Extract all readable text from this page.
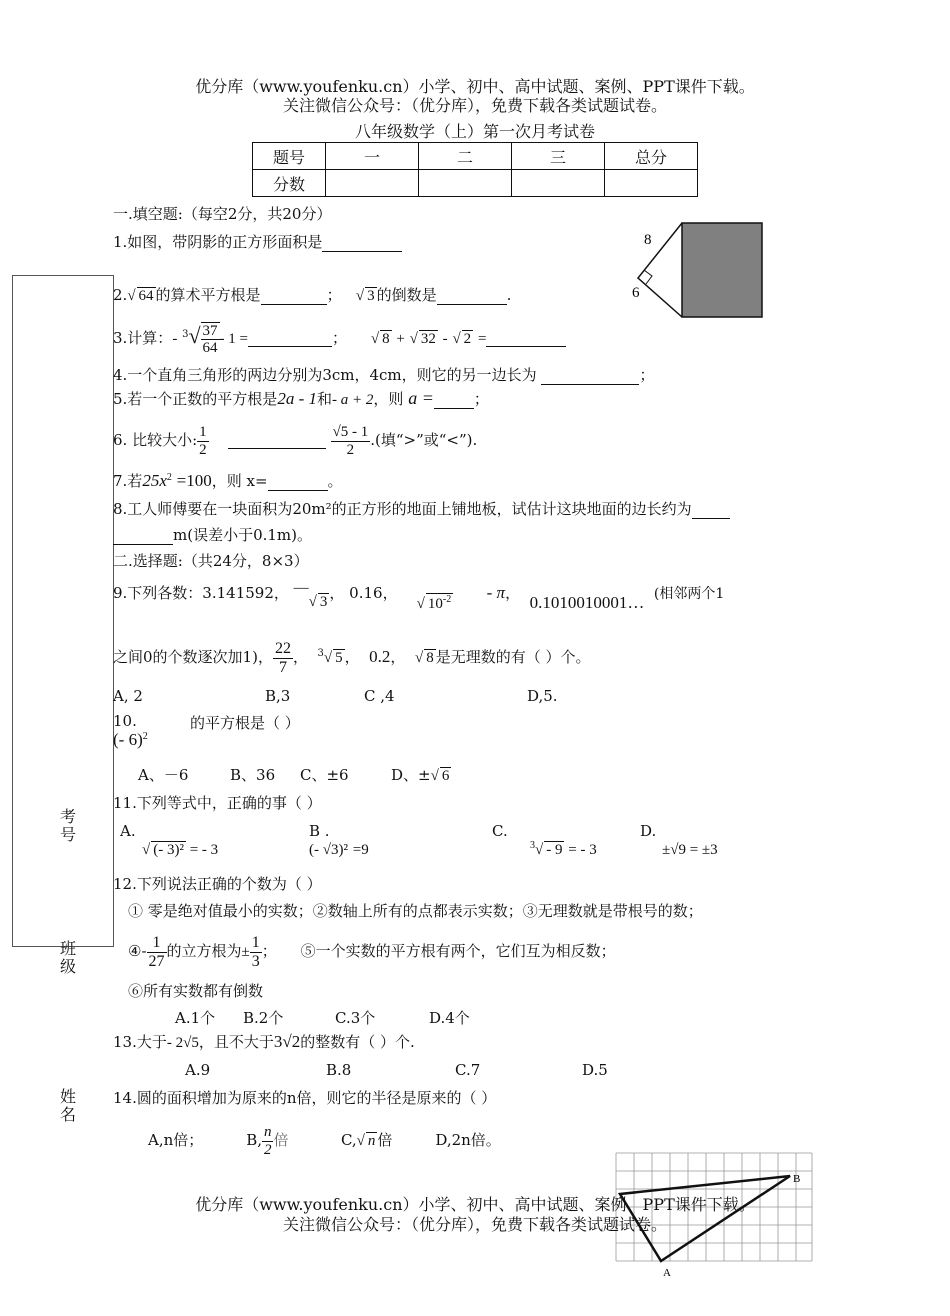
优分库（www.youfenku.cn）小学、初中、高中试题、案例、PPT课件下载。
关注微信公众号：（优分库），免费下载各类试题试卷。
八年级数学（上）第一次月考试卷
题号	一	二	三	总分
分数				
考号
班级
姓名
一.填空题:（每空2分，共20分）
1.如图，带阴影的正方形面积是	8
6
2.√ 64 的算术平方根是	； √ 3 的倒数是	.
3.计算：- $^3√ \frac{37}{64} - 1$ =	； √ 8 + √ 32 - √ 2 =
4.一个直角三角形的两边分别为3cm，4cm，则它的另一边长为	；
5.若一个正数的平方根是2a - 1和- a + 2，则 a =	；
6. 比较大小: $\frac{1}{2}$
	$\frac{√5 - 1}{2}$ .(填“>”或“<”).
7.若$25x^2 =100$，则 x=	。
8.工人师傅要在一块面积为20m²的正方形的地面上铺地板，试估计这块地面的边长约为
m(误差小于0.1m)。
二.选择题:（共24分，8×3）
9.下列各数：3.141592， —√ 3 ， 0.16，    √ $10^{-2}$ - π， 0.1010010001… (相邻两个1
之间0的个数逐次加1)， $\frac{22}{7}$ ， $^3$√ 5 ，  0.2，  √ 8 是无理数的有（ ）个。
A, 2	B,3	C ,4	D,5.
10.
(- 6)$^2$
的平方根是（ ）
A、－6	B、36 C、±6	D、±√ 6
11.下列等式中，正确的事（ ）
A.
√ (- 3)² = - 3
B .
(- √3)² =9
C.
$^3$√ - 9 = - 3
D.
±√9 = ±3
12.下列说法正确的个数为（ ）
① 零是绝对值最小的实数；②数轴上所有的点都表示实数；③无理数就是带根号的数；
④- $\frac{1}{27}$ 的立方根为± $\frac{1}{3}$ ；     ⑤一个实数的平方根有两个，它们互为相反数；
⑥所有实数都有倒数
A.1个 B.2个	C.3个	D.4个
13.大于- 2√5，且不大于3√2的整数有（ ）个.
A.9	B.8	C.7	D.5
14.圆的面积增加为原来的n倍，则它的半径是原来的（ ）
A,n倍；	B, $\frac{n}{2}$ 倍	C,√ n 倍	D,2n倍。
B
A
优分库（www.youfenku.cn）小学、初中、高中试题、案例、PPT课件下载。
关注微信公众号：（优分库），免费下载各类试题试卷。
